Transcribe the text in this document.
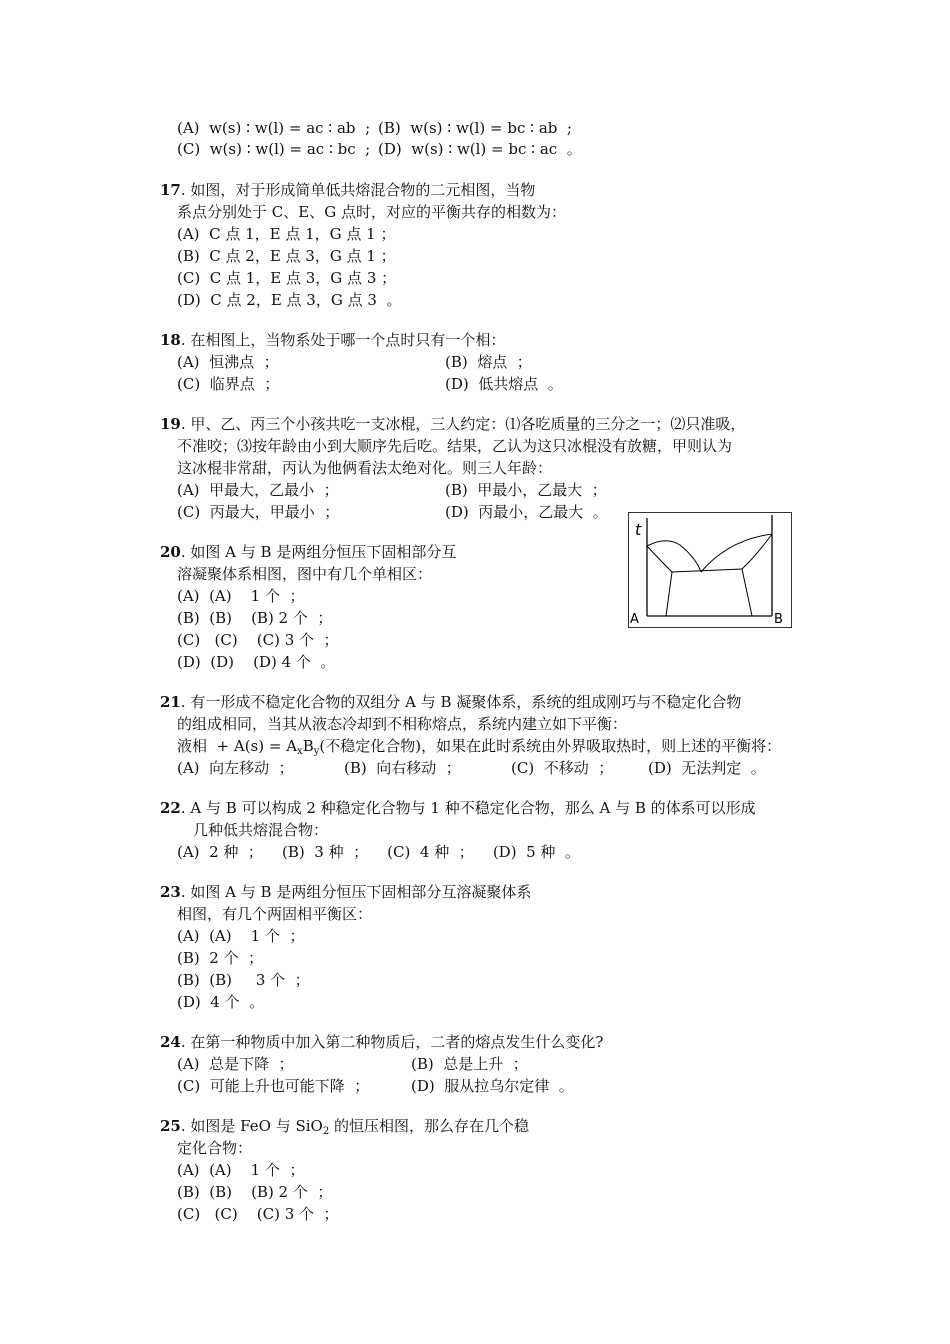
(A)  w(s) ∶ w(l) = ac ∶ ab  ; (B)  w(s) ∶ w(l) = bc ∶ ab  ;
(C)  w(s) ∶ w(l) = ac ∶ bc  ; (D)  w(s) ∶ w(l) = bc ∶ ac  。
17. 如图，对于形成简单低共熔混合物的二元相图，当物
系点分别处于 C、E、G 点时，对应的平衡共存的相数为：
(A)  C 点 1，E 点 1，G 点 1 ；
(B)  C 点 2，E 点 3，G 点 1 ；
(C)  C 点 1，E 点 3，G 点 3 ；
(D)  C 点 2，E 点 3，G 点 3  。
18. 在相图上，当物系处于哪一个点时只有一个相：
(A)  恒沸点  ；	(B)  熔点  ；
(C)  临界点  ；	(D)  低共熔点  。
19. 甲、乙、丙三个小孩共吃一支冰棍，三人约定：⑴各吃质量的三分之一；⑵只准吸，
不准咬；⑶按年龄由小到大顺序先后吃。结果，乙认为这只冰棍没有放糖，甲则认为
这冰棍非常甜，丙认为他俩看法太绝对化。则三人年龄：
(A)  甲最大，乙最小  ；	(B)  甲最小，乙最大  ；
(C)  丙最大，甲最小  ；	(D)  丙最小，乙最大  。
20. 如图 A 与 B 是两组分恒压下固相部分互
溶凝聚体系相图，图中有几个单相区：
(A)  (A)    1 个  ；
(B)  (B)    (B) 2 个  ；
(C)   (C)    (C) 3 个  ；
(D)  (D)    (D) 4 个  。
t
A	B
21. 有一形成不稳定化合物的双组分 A 与 B 凝聚体系，系统的组成刚巧与不稳定化合物
的组成相同，当其从液态冷却到不相称熔点，系统内建立如下平衡：
液相  + $A(s) = A_xB_y$(不稳定化合物)，如果在此时系统由外界吸取热时，则上述的平衡将：
(A)  向左移动  ；	(B)  向右移动  ；	(C)  不移动  ； (D)  无法判定  。
22. A 与 B 可以构成 2 种稳定化合物与 1 种不稳定化合物，那么 A 与 B 的体系可以形成
几种低共熔混合物：
(A)  2 种  ；    (B)  3 种  ；    (C)  4 种  ；    (D)  5 种  。
23. 如图 A 与 B 是两组分恒压下固相部分互溶凝聚体系
相图，有几个两固相平衡区：
(A)  (A)    1 个  ；
(B)  2 个  ；
(B)  (B)     3 个  ；
(D)  4 个  。
24. 在第一种物质中加入第二种物质后，二者的熔点发生什么变化?
(A)  总是下降  ；	(B)  总是上升  ；
(C)  可能上升也可能下降  ；	(D)  服从拉乌尔定律  。
25. 如图是 FeO 与 SiO$_2$ 的恒压相图，那么存在几个稳
定化合物：
(A)  (A)    1 个  ；
(B)  (B)    (B) 2 个  ；
(C)   (C)    (C) 3 个  ；
